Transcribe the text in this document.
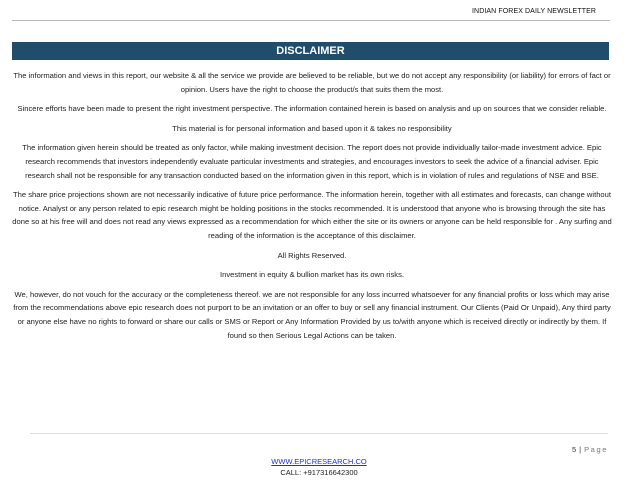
INDIAN FOREX DAILY NEWSLETTER
DISCLAIMER

The information and views in this report, our website & all the service we provide are believed to be reliable, but we do not accept any responsibility (or liability) for errors of fact or opinion. Users have the right to choose the product/s that suits them the most.

Sincere efforts have been made to present the right investment perspective. The information contained herein is based on analysis and up on sources that we consider reliable.

This material is for personal information and based upon it & takes no responsibility

The information given herein should be treated as only factor, while making investment decision. The report does not provide individually tailor-made investment advice. Epic research recommends that investors independently evaluate particular investments and strategies, and encourages investors to seek the advice of a financial adviser. Epic research shall not be responsible for any transaction conducted based on the information given in this report, which is in violation of rules and regulations of NSE and BSE.

The share price projections shown are not necessarily indicative of future price performance. The information herein, together with all estimates and forecasts, can change without notice. Analyst or any person related to epic research might be holding positions in the stocks recommended. It is understood that anyone who is browsing through the site has done so at his free will and does not read any views expressed as a recommendation for which either the site or its owners or anyone can be held responsible for . Any surfing and reading of the information is the acceptance of this disclaimer.

All Rights Reserved.

Investment in equity & bullion market has its own risks.

We, however, do not vouch for the accuracy or the completeness thereof. we are not responsible for any loss incurred whatsoever for any financial profits or loss which may arise from the recommendations above epic research does not purport to be an invitation or an offer to buy or sell any financial instrument. Our Clients (Paid Or Unpaid), Any third party or anyone else have no rights to forward or share our calls or SMS or Report or Any Information Provided by us to/with anyone which is received directly or indirectly by them. If found so then Serious Legal Actions can be taken.

5 | Page
WWW.EPICRESEARCH.CO
CALL: +917316642300
